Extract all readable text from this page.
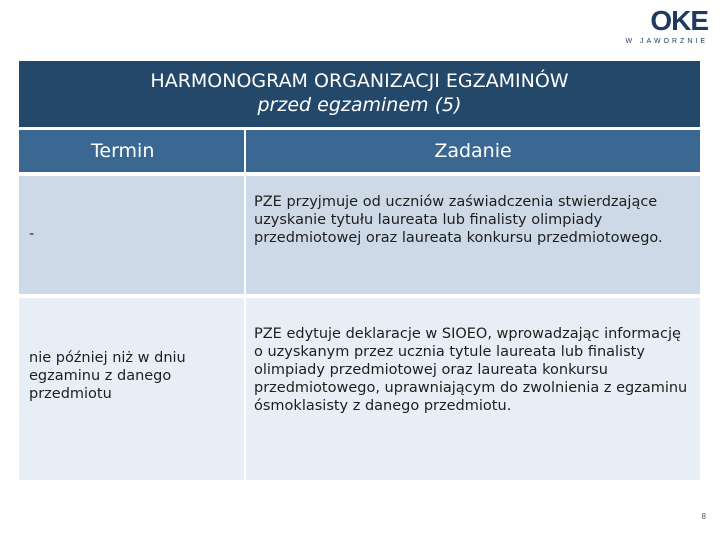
OKE
W JAWORZNIE
HARMONOGRAM ORGANIZACJI EGZAMINÓW
przed egzaminem (5)
Termin	Zadanie
-
PZE przyjmuje od uczniów zaświadczenia stwierdzające uzyskanie tytułu laureata lub finalisty olimpiady przedmiotowej oraz laureata konkursu przedmiotowego.
nie później niż w dniu egzaminu z danego przedmiotu
PZE edytuje deklaracje w SIOEO, wprowadzając informację o uzyskanym przez ucznia tytule laureata lub finalisty olimpiady przedmiotowej oraz laureata konkursu przedmiotowego, uprawniającym do zwolnienia z egzaminu ósmoklasisty z danego przedmiotu.
8
